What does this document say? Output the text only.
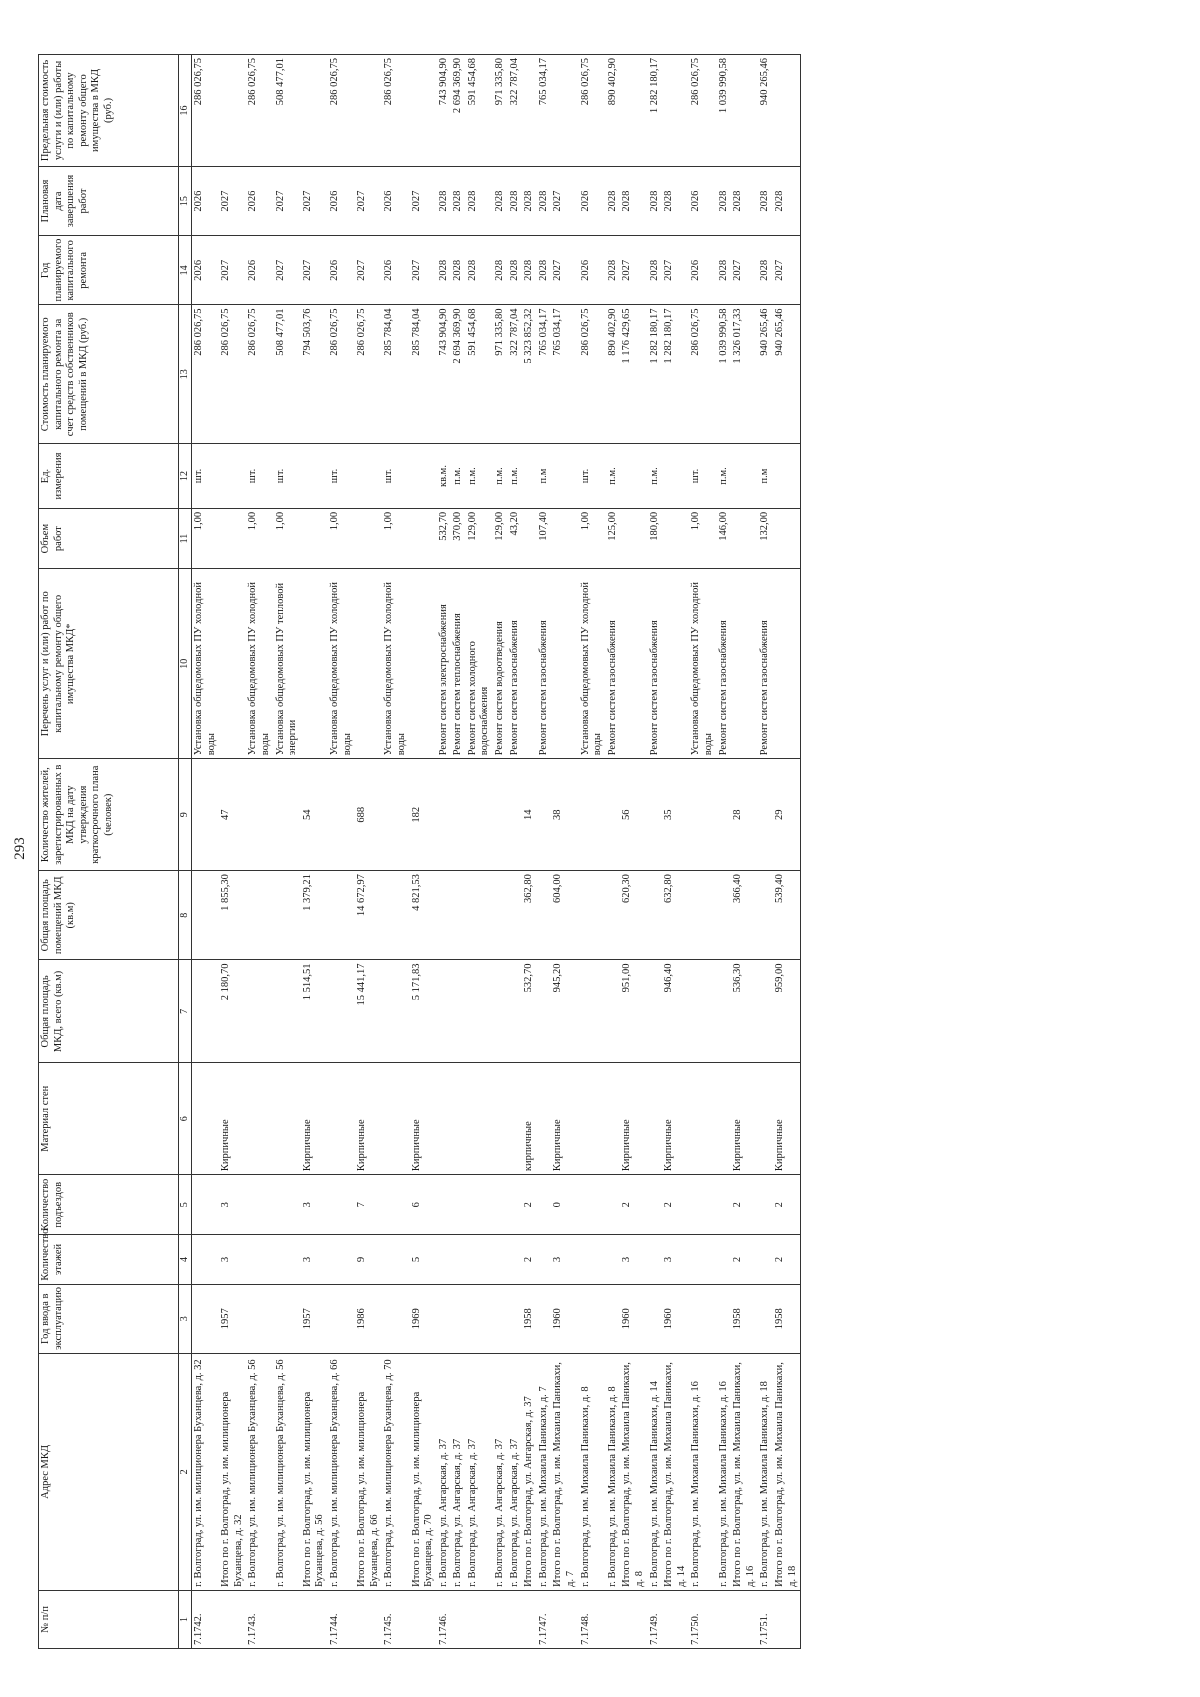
293
№ п/п	Адрес МКД	Год ввода в эксплуатацию	Количество этажей	Количество подъездов	Материал стен	Общая площадь МКД, всего (кв.м)	Общая площадь помещений МКД (кв.м)	Количество жителей, зарегистрированных в МКД на дату утверждения краткосрочного плана (человек)	Перечень услуг и (или) работ по капитальному ремонту общего имущества МКД*	Объем работ	Ед. измерения	Стоимость планируемого капитального ремонта за счет средств собственников помещений в МКД (руб.)	Год планируемого капитального ремонта	Плановая дата завершения работ	Предельная стоимость услуги и (или) работы по капитальному ремонту общего имущества в МКД (руб.)
1	2	3	4	5	6	7	8	9	10	11	12	13	14	15	16
7.1742.	г. Волгоград, ул. им. милиционера Буханцева, д. 32								Установка общедомовых ПУ холодной воды	1,00	шт.	286 026,75	2026	2026	286 026,75
	Итого по г. Волгоград, ул. им. милиционера Буханцева, д. 32	1957	3	3	Кирпичные	2 180,70	1 855,30	47				286 026,75	2027	2027	
7.1743.	г. Волгоград, ул. им. милиционера Буханцева, д. 56								Установка общедомовых ПУ холодной воды	1,00	шт.	286 026,75	2026	2026	286 026,75
	г. Волгоград, ул. им. милиционера Буханцева, д. 56								Установка общедомовых ПУ тепловой энергии	1,00	шт.	508 477,01	2027	2027	508 477,01
	Итого по г. Волгоград, ул. им. милиционера Буханцева, д. 56	1957	3	3	Кирпичные	1 514,51	1 379,21	54				794 503,76	2027	2027	
7.1744.	г. Волгоград, ул. им. милиционера Буханцева, д. 66								Установка общедомовых ПУ холодной воды	1,00	шт.	286 026,75	2026	2026	286 026,75
	Итого по г. Волгоград, ул. им. милиционера Буханцева, д. 66	1986	9	7	Кирпичные	15 441,17	14 672,97	688				286 026,75	2027	2027	
7.1745.	г. Волгоград, ул. им. милиционера Буханцева, д. 70								Установка общедомовых ПУ холодной воды	1,00	шт.	285 784,04	2026	2026	286 026,75
	Итого по г. Волгоград, ул. им. милиционера Буханцева, д. 70	1969	5	6	Кирпичные	5 171,83	4 821,53	182				285 784,04	2027	2027	
7.1746.	г. Волгоград, ул. Ангарская, д. 37								Ремонт систем электроснабжения	532,70	кв.м.	743 904,90	2028	2028	743 904,90
	г. Волгоград, ул. Ангарская, д. 37								Ремонт систем теплоснабжения	370,00	п.м.	2 694 369,90	2028	2028	2 694 369,90
	г. Волгоград, ул. Ангарская, д. 37								Ремонт систем холодного водоснабжения	129,00	п.м.	591 454,68	2028	2028	591 454,68
	г. Волгоград, ул. Ангарская, д. 37								Ремонт систем водоотведения	129,00	п.м.	971 335,80	2028	2028	971 335,80
	г. Волгоград, ул. Ангарская, д. 37								Ремонт систем газоснабжения	43,20	п.м.	322 787,04	2028	2028	322 787,04
	Итого по г. Волгоград, ул. Ангарская, д. 37	1958	2	2	кирпичные	532,70	362,80	14				5 323 852,32	2028	2028	
7.1747.	г. Волгоград, ул. им. Михаила Паникахи, д. 7								Ремонт систем газоснабжения	107,40	п.м	765 034,17	2028	2028	765 034,17
	Итого по г. Волгоград, ул. им. Михаила Паникахи, д. 7	1960	3	0	Кирпичные	945,20	604,00	38				765 034,17	2027	2027	
7.1748.	г. Волгоград, ул. им. Михаила Паникахи, д. 8								Установка общедомовых ПУ холодной воды	1,00	шт.	286 026,75	2026	2026	286 026,75
	г. Волгоград, ул. им. Михаила Паникахи, д. 8								Ремонт систем газоснабжения	125,00	п.м.	890 402,90	2028	2028	890 402,90
	Итого по г. Волгоград, ул. им. Михаила Паникахи, д. 8	1960	3	2	Кирпичные	951,00	620,30	56				1 176 429,65	2027	2028	
7.1749.	г. Волгоград, ул. им. Михаила Паникахи, д. 14								Ремонт систем газоснабжения	180,00	п.м.	1 282 180,17	2028	2028	1 282 180,17
	Итого по г. Волгоград, ул. им. Михаила Паникахи, д. 14	1960	3	2	Кирпичные	946,40	632,80	35				1 282 180,17	2027	2028	
7.1750.	г. Волгоград, ул. им. Михаила Паникахи, д. 16								Установка общедомовых ПУ холодной воды	1,00	шт.	286 026,75	2026	2026	286 026,75
	г. Волгоград, ул. им. Михаила Паникахи, д. 16								Ремонт систем газоснабжения	146,00	п.м.	1 039 990,58	2028	2028	1 039 990,58
	Итого по г. Волгоград, ул. им. Михаила Паникахи, д. 16	1958	2	2	Кирпичные	536,30	366,40	28				1 326 017,33	2027	2028	
7.1751.	г. Волгоград, ул. им. Михаила Паникахи, д. 18								Ремонт систем газоснабжения	132,00	п.м	940 265,46	2028	2028	940 265,46
	Итого по г. Волгоград, ул. им. Михаила Паникахи, д. 18	1958	2	2	Кирпичные	959,00	539,40	29				940 265,46	2027	2028	
